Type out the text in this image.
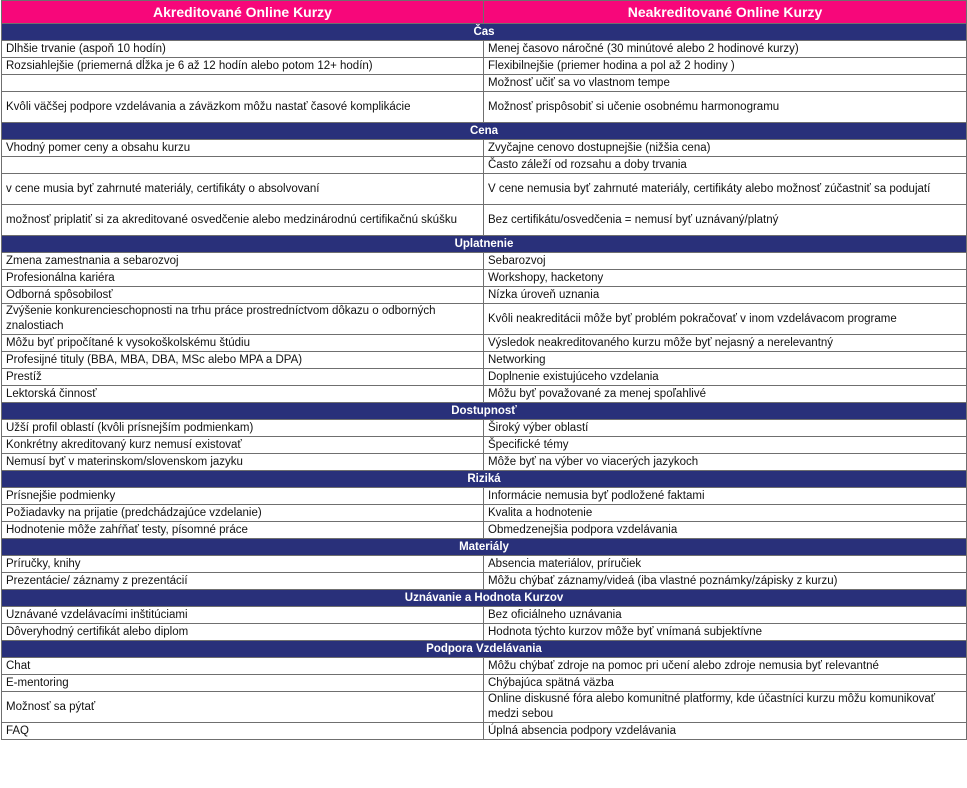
Akreditované Online Kurzy	Neakreditované Online Kurzy
Čas	
Dlhšie trvanie (aspoň 10 hodín)	Menej časovo náročné (30 minútové alebo 2 hodinové kurzy)
Rozsiahlejšie (priemerná dĺžka je 6 až 12 hodín alebo potom 12+ hodín)	Flexibilnejšie (priemer hodina a pol až 2 hodiny )
	Možnosť učiť sa vo vlastnom tempe
Kvôli väčšej podpore vzdelávania a záväzkom môžu nastať časové komplikácie	Možnosť prispôsobiť si učenie osobnému harmonogramu
Cena	
Vhodný pomer ceny a obsahu kurzu	Zvyčajne cenovo dostupnejšie (nižšia cena)
	Často záleží od rozsahu a doby trvania
v cene musia byť zahrnuté materiály, certifikáty o absolvovaní	V cene nemusia byť zahrnuté materiály, certifikáty alebo možnosť zúčastniť sa podujatí
možnosť priplatiť si za akreditované osvedčenie alebo medzinárodnú certifikačnú skúšku	Bez certifikátu/osvedčenia = nemusí byť uznávaný/platný
Uplatnenie	
Zmena zamestnania a sebarozvoj	Sebarozvoj
Profesionálna kariéra	Workshopy, hacketony
Odborná spôsobilosť	Nízka úroveň uznania
Zvýšenie konkurencieschopnosti na trhu práce prostredníctvom dôkazu o odborných znalostiach	Kvôli neakreditácii môže byť problém pokračovať v inom vzdelávacom programe
Môžu byť pripočítané k vysokoškolskému štúdiu	Výsledok neakreditovaného kurzu môže byť nejasný a nerelevantný
Profesijné tituly (BBA, MBA, DBA, MSc alebo MPA a DPA)	Networking
Prestíž	Doplnenie existujúceho vzdelania
Lektorská činnosť	Môžu byť považované za menej spoľahlivé
Dostupnosť	
Užší profil oblastí (kvôli prísnejším podmienkam)	Široký výber oblastí
Konkrétny akreditovaný kurz nemusí existovať	Špecifické témy
Nemusí byť v materinskom/slovenskom jazyku	Môže byť na výber vo viacerých jazykoch
Riziká	
Prísnejšie podmienky	Informácie nemusia byť podložené faktami
Požiadavky na prijatie (predchádzajúce vzdelanie)	Kvalita a hodnotenie
Hodnotenie môže zahŕňať testy, písomné práce	Obmedzenejšia podpora vzdelávania
Materiály	
Príručky, knihy	Absencia materiálov, príručiek
Prezentácie/ záznamy z prezentácií	Môžu chýbať záznamy/videá (iba vlastné poznámky/zápisky z kurzu)
Uznávanie a Hodnota Kurzov	
Uznávané vzdelávacími inštitúciami	Bez oficiálneho uznávania
Dôveryhodný certifikát alebo diplom	Hodnota týchto kurzov môže byť vnímaná subjektívne
Podpora Vzdelávania	
Chat	Môžu chýbať zdroje na pomoc pri učení alebo zdroje nemusia byť relevantné
E-mentoring	Chýbajúca spätná väzba
Možnosť sa pýtať	Online diskusné fóra alebo komunitné platformy, kde účastníci kurzu môžu komunikovať medzi sebou
FAQ	Úplná absencia podpory vzdelávania
